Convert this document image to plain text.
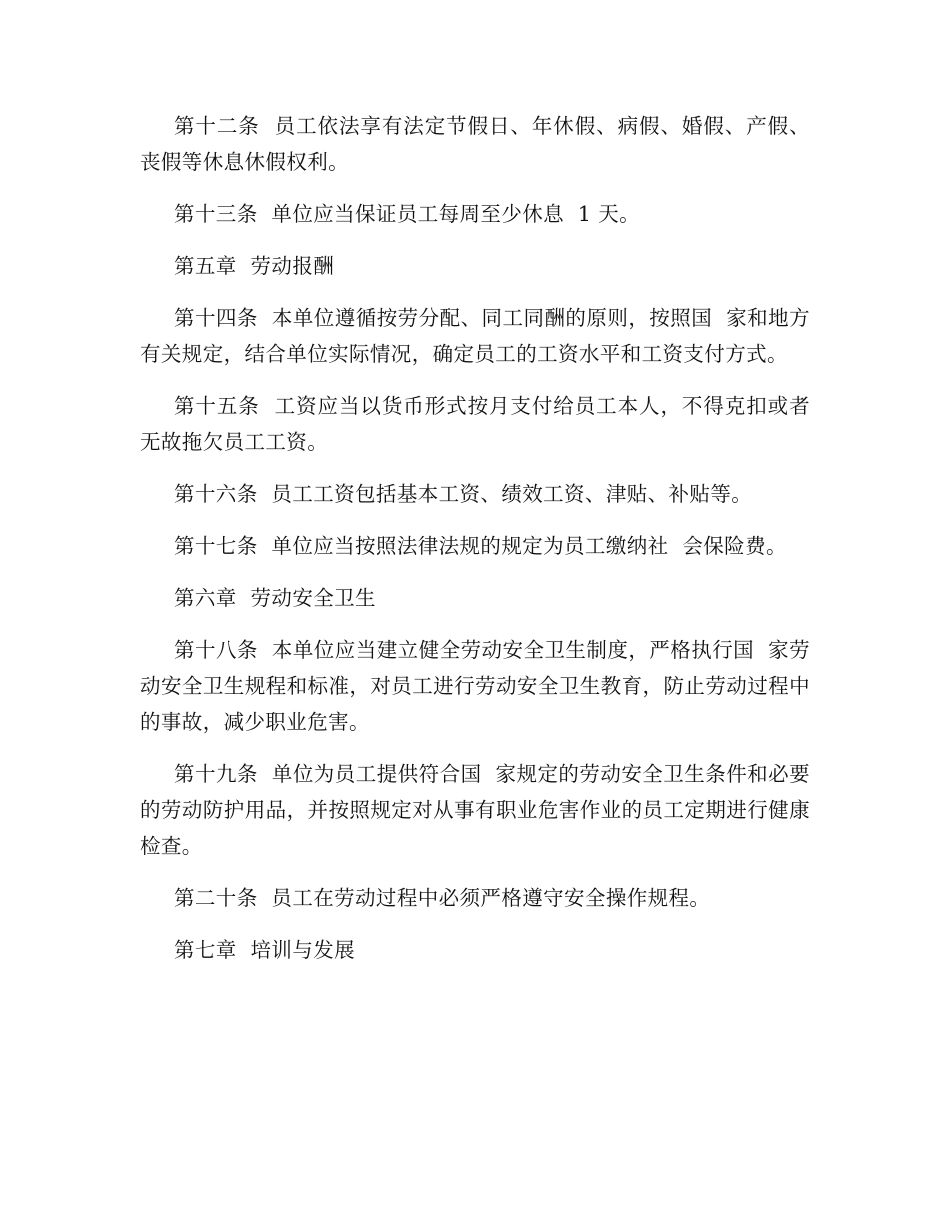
第十二条  员工依法享有法定节假日、年休假、病假、婚假、产假、丧假等休息休假权利。

第十三条  单位应当保证员工每周至少休息  1 天。

第五章  劳动报酬

第十四条  本单位遵循按劳分配、同工同酬的原则，按照国  家和地方有关规定，结合单位实际情况，确定员工的工资水平和工资支付方式。

第十五条  工资应当以货币形式按月支付给员工本人，不得克扣或者无故拖欠员工工资。

第十六条  员工工资包括基本工资、绩效工资、津贴、补贴等。

第十七条  单位应当按照法律法规的规定为员工缴纳社  会保险费。

第六章  劳动安全卫生

第十八条  本单位应当建立健全劳动安全卫生制度，严格执行国  家劳动安全卫生规程和标准，对员工进行劳动安全卫生教育，防止劳动过程中的事故，减少职业危害。

第十九条  单位为员工提供符合国  家规定的劳动安全卫生条件和必要的劳动防护用品，并按照规定对从事有职业危害作业的员工定期进行健康检查。

第二十条  员工在劳动过程中必须严格遵守安全操作规程。

第七章  培训与发展
